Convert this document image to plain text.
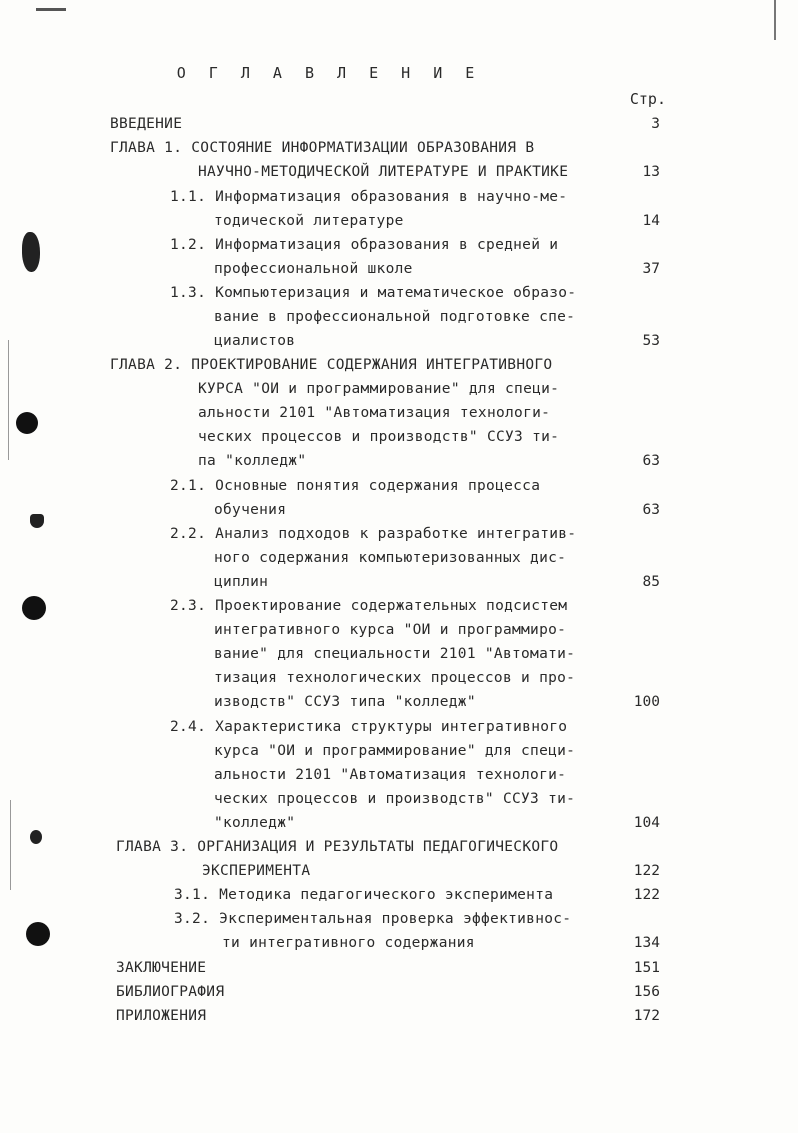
О Г Л А В Л Е Н И Е
Стр.
ВВЕДЕНИЕ	3
ГЛАВА 1. СОСТОЯНИЕ ИНФОРМАТИЗАЦИИ ОБРАЗОВАНИЯ В
НАУЧНО-МЕТОДИЧЕСКОЙ ЛИТЕРАТУРЕ И ПРАКТИКЕ	13
1.1. Информатизация образования в научно-ме-
тодической литературе	14
1.2. Информатизация образования в средней и
профессиональной школе	37
1.3. Компьютеризация и математическое образо-
вание в профессиональной подготовке спе-
циалистов	53
ГЛАВА 2. ПРОЕКТИРОВАНИЕ СОДЕРЖАНИЯ ИНТЕГРАТИВНОГО
КУРСА "ОИ и программирование" для специ-
альности 2101 "Автоматизация технологи-
ческих процессов и производств" ССУЗ ти-
па "колледж"	63
2.1. Основные понятия содержания процесса
обучения	63
2.2. Анализ подходов к разработке интегратив-
ного содержания компьютеризованных дис-
циплин	85
2.3. Проектирование содержательных подсистем
интегративного курса "ОИ и программиро-
вание" для специальности 2101 "Автомати-
тизация технологических процессов и про-
изводств" ССУЗ типа "колледж"	100
2.4. Характеристика структуры интегративного
курса "ОИ и программирование" для специ-
альности 2101 "Автоматизация технологи-
ческих процессов и производств" ССУЗ ти-
"колледж"	104
ГЛАВА 3. ОРГАНИЗАЦИЯ И РЕЗУЛЬТАТЫ ПЕДАГОГИЧЕСКОГО
ЭКСПЕРИМЕНТА	122
3.1. Методика педагогического эксперимента	122
3.2. Экспериментальная проверка эффективнос-
ти интегративного содержания	134
ЗАКЛЮЧЕНИЕ	151
БИБЛИОГРАФИЯ	156
ПРИЛОЖЕНИЯ	172
